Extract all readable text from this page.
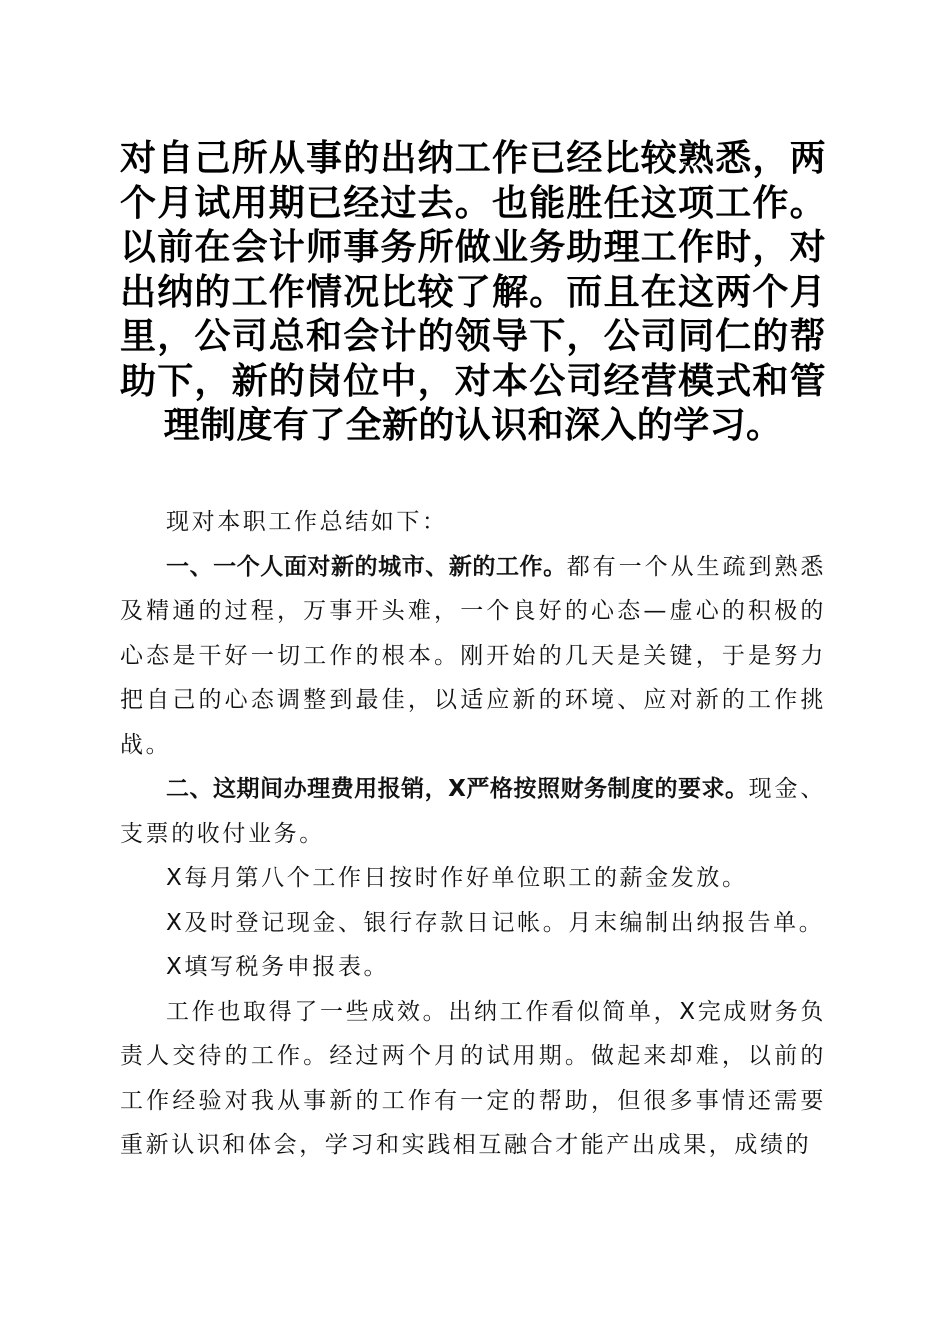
对自己所从事的出纳工作已经比较熟悉，两个月试用期已经过去。也能胜任这项工作。以前在会计师事务所做业务助理工作时，对出纳的工作情况比较了解。而且在这两个月里，公司总和会计的领导下，公司同仁的帮助下，新的岗位中，对本公司经营模式和管理制度有了全新的认识和深入的学习。

现对本职工作总结如下：

一、一个人面对新的城市、新的工作。都有一个从生疏到熟悉及精通的过程，万事开头难，一个良好的心态—虚心的积极的心态是干好一切工作的根本。刚开始的几天是关键，于是努力把自己的心态调整到最佳，以适应新的环境、应对新的工作挑战。

二、这期间办理费用报销，X严格按照财务制度的要求。现金、支票的收付业务。

X每月第八个工作日按时作好单位职工的薪金发放。

X及时登记现金、银行存款日记帐。月末编制出纳报告单。

X填写税务申报表。

工作也取得了一些成效。出纳工作看似简单，X完成财务负责人交待的工作。经过两个月的试用期。做起来却难，以前的工作经验对我从事新的工作有一定的帮助，但很多事情还需要重新认识和体会，学习和实践相互融合才能产出成果，成绩的
